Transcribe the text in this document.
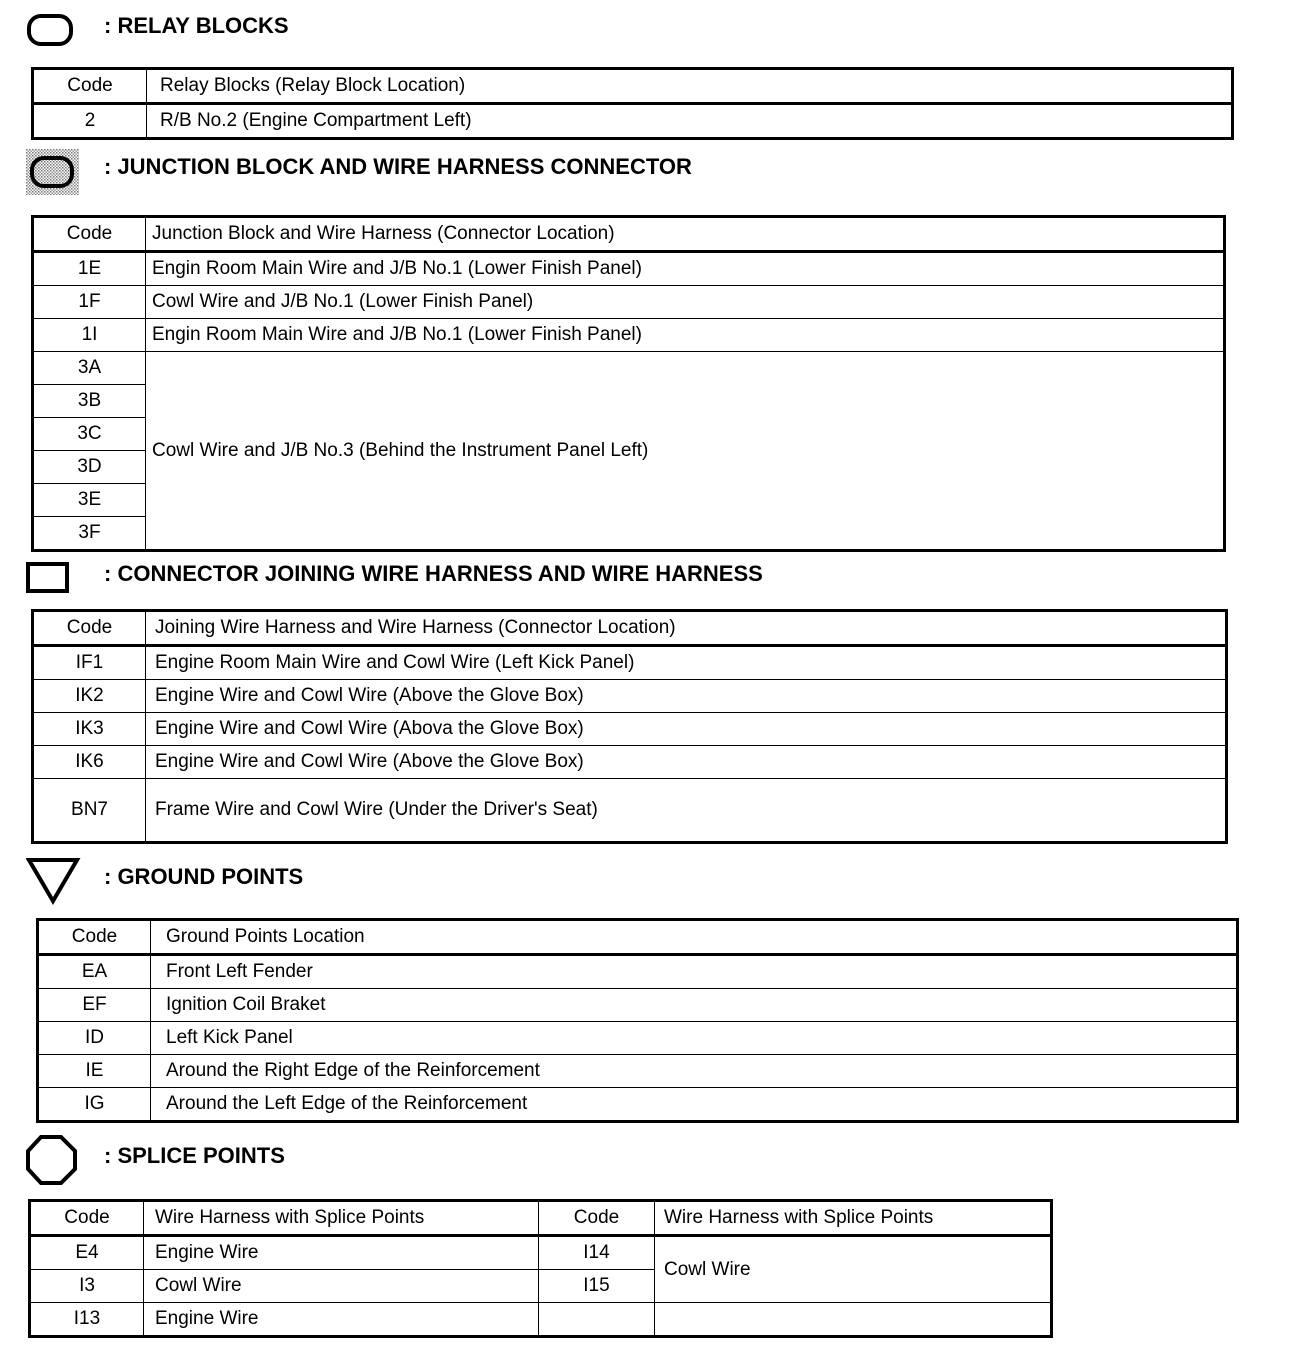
: RELAY BLOCKS
Code	Relay Blocks (Relay Block Location)
2	R/B No.2 (Engine Compartment Left)
: JUNCTION BLOCK AND WIRE HARNESS CONNECTOR
Code	Junction Block and Wire Harness (Connector Location)
1E	Engin Room Main Wire and J/B No.1 (Lower Finish Panel)
1F	Cowl Wire and J/B No.1 (Lower Finish Panel)
1I	Engin Room Main Wire and J/B No.1 (Lower Finish Panel)
3A	Cowl Wire and J/B No.3 (Behind the Instrument Panel Left)
3B	
3C	
3D	
3E	
3F	
: CONNECTOR JOINING WIRE HARNESS AND WIRE HARNESS
Code	Joining Wire Harness and Wire Harness (Connector Location)
IF1	Engine Room Main Wire and Cowl Wire (Left Kick Panel)
IK2	Engine Wire and Cowl Wire (Above the Glove Box)
IK3	Engine Wire and Cowl Wire (Abova the Glove Box)
IK6	Engine Wire and Cowl Wire (Above the Glove Box)
BN7	Frame Wire and Cowl Wire (Under the Driver's Seat)
: GROUND POINTS
Code	Ground Points Location
EA	Front Left Fender
EF	Ignition Coil Braket
ID	Left Kick Panel
IE	Around the Right Edge of the Reinforcement
IG	Around the Left Edge of the Reinforcement
: SPLICE POINTS
Code	Wire Harness with Splice Points	Code	Wire Harness with Splice Points
E4	Engine Wire	I14	Cowl Wire
I3	Cowl Wire	I15	
I13	Engine Wire		
